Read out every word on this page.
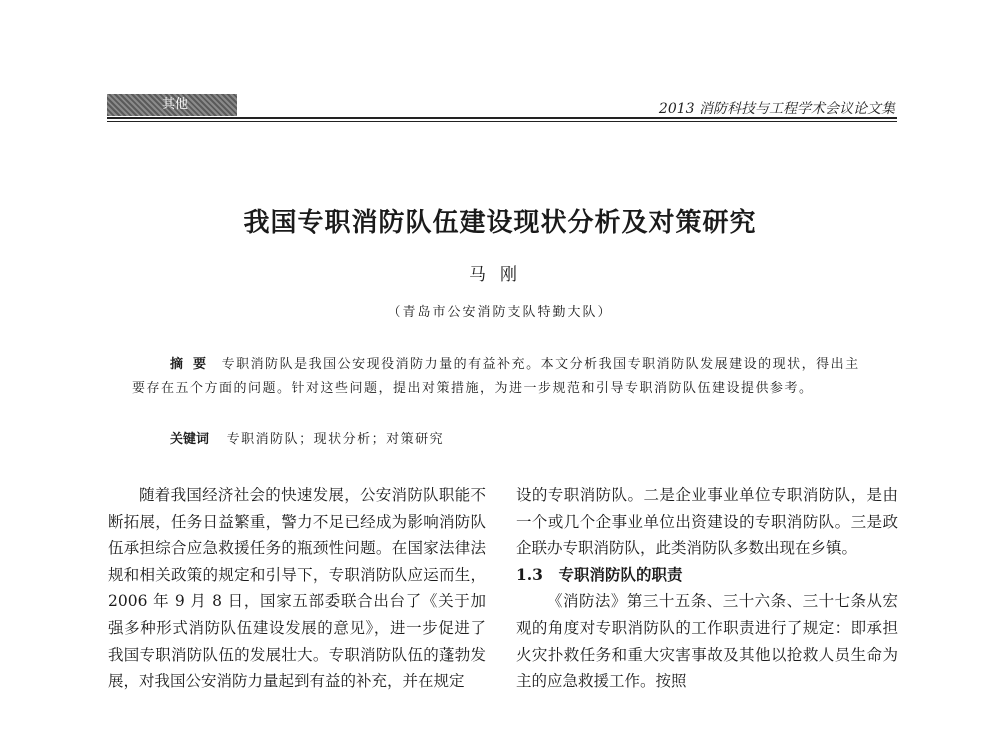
其他	2013 消防科技与工程学术会议论文集
我国专职消防队伍建设现状分析及对策研究
马刚
（青岛市公安消防支队特勤大队）
摘要 专职消防队是我国公安现役消防力量的有益补充。本文分析我国专职消防队发展建设的现状，得出主要存在五个方面的问题。针对这些问题，提出对策措施，为进一步规范和引导专职消防队伍建设提供参考。
关键词 专职消防队；现状分析；对策研究

随着我国经济社会的快速发展，公安消防队职能不断拓展，任务日益繁重，警力不足已经成为影响消防队伍承担综合应急救援任务的瓶颈性问题。在国家法律法规和相关政策的规定和引导下，专职消防队应运而生，2006 年 9 月 8 日，国家五部委联合出台了《关于加强多种形式消防队伍建设发展的意见》，进一步促进了我国专职消防队伍的发展壮大。专职消防队伍的蓬勃发展，对我国公安消防力量起到有益的补充，并在规定

设的专职消防队。二是企业事业单位专职消防队，是由一个或几个企事业单位出资建设的专职消防队。三是政企联办专职消防队，此类消防队多数出现在乡镇。

1.3　专职消防队的职责

《消防法》第三十五条、三十六条、三十七条从宏观的角度对专职消防队的工作职责进行了规定：即承担火灾扑救任务和重大灾害事故及其他以抢救人员生命为主的应急救援工作。按照
